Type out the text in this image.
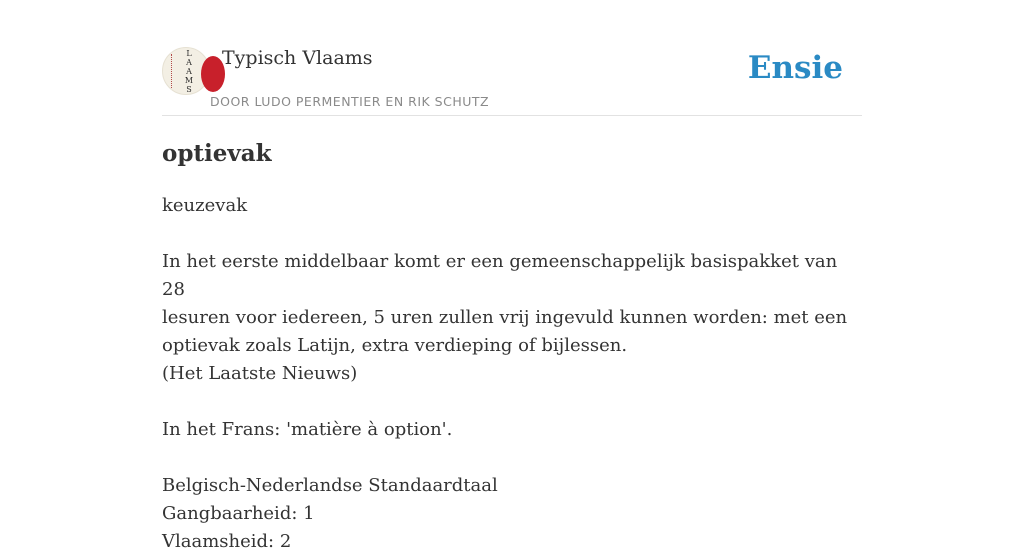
L
A
A
M
S
Typisch Vlaams
DOOR LUDO PERMENTIER EN RIK SCHUTZ
Ensie
optievak

keuzevak

In het eerste middelbaar komt er een gemeenschappelijk basispakket van 28

lesuren voor iedereen, 5 uren zullen vrij ingevuld kunnen worden: met een

optievak zoals Latijn, extra verdieping of bijlessen.

(Het Laatste Nieuws)

In het Frans: 'matière à option'.

Belgisch-Nederlandse Standaardtaal

Gangbaarheid: 1

Vlaamsheid: 2
